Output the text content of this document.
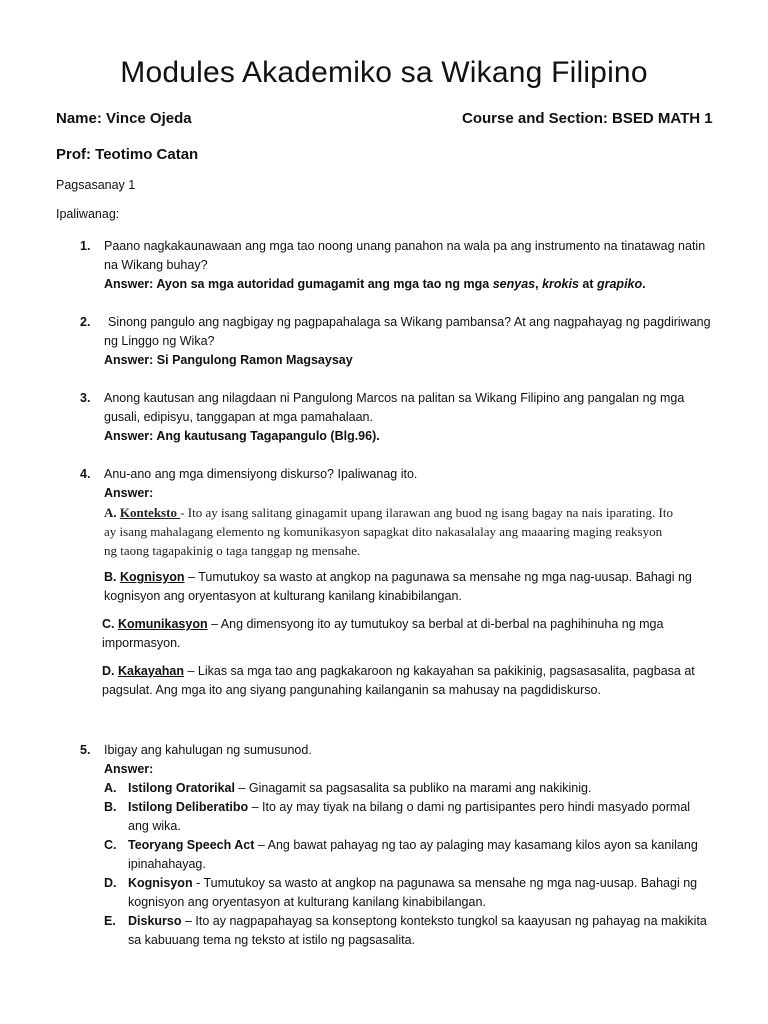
Modules Akademiko sa Wikang Filipino
Name: Vince Ojeda	Course and Section: BSED MATH 1
Prof: Teotimo Catan
Pagsasanay 1
Ipaliwanag:
1. Paano nagkakaunawaan ang mga tao noong unang panahon na wala pa ang instrumento na tinatawag natin
na Wikang buhay?
Answer: Ayon sa mga autoridad gumagamit ang mga tao ng mga senyas, krokis at grapiko.
2.	Sinong pangulo ang nagbigay ng pagpapahalaga sa Wikang pambansa? At ang nagpahayag ng pagdiriwang
ng Linggo ng Wika?
Answer: Si Pangulong Ramon Magsaysay
3. Anong kautusan ang nilagdaan ni Pangulong Marcos na palitan sa Wikang Filipino ang pangalan ng mga
gusali, edipisyu, tanggapan at mga pamahalaan.
Answer: Ang kautusang Tagapangulo (Blg.96).
4. Anu-ano ang mga dimensiyong diskurso? Ipaliwanag ito.
Answer:
A. Konteksto - Ito ay isang salitang ginagamit upang ilarawan ang buod ng isang bagay na nais iparating. Ito
ay isang mahalagang elemento ng komunikasyon sapagkat dito nakasalalay ang maaaring maging reaksyon
ng taong tagapakinig o taga tanggap ng mensahe.
B. Kognisyon – Tumutukoy sa wasto at angkop na pagunawa sa mensahe ng mga nag-uusap. Bahagi ng
kognisyon ang oryentasyon at kulturang kanilang kinabibilangan.
C. Komunikasyon – Ang dimensyong ito ay tumutukoy sa berbal at di-berbal na paghihinuha ng mga
impormasyon.
D. Kakayahan – Likas sa mga tao ang pagkakaroon ng kakayahan sa pakikinig, pagsasasalita, pagbasa at
pagsulat. Ang mga ito ang siyang pangunahing kailanganin sa mahusay na pagdidiskurso.
5. Ibigay ang kahulugan ng sumusunod.
Answer:
A. Istilong Oratorikal – Ginagamit sa pagsasalita sa publiko na marami ang nakikinig.
B. Istilong Deliberatibo – Ito ay may tiyak na bilang o dami ng partisipantes pero hindi masyado pormal
ang wika.
C. Teoryang Speech Act – Ang bawat pahayag ng tao ay palaging may kasamang kilos ayon sa kanilang
ipinahahayag.
D. Kognisyon - Tumutukoy sa wasto at angkop na pagunawa sa mensahe ng mga nag-uusap. Bahagi ng
kognisyon ang oryentasyon at kulturang kanilang kinabibilangan.
E. Diskurso – Ito ay nagpapahayag sa konseptong konteksto tungkol sa kaayusan ng pahayag na makikita
sa kabuuang tema ng teksto at istilo ng pagsasalita.
